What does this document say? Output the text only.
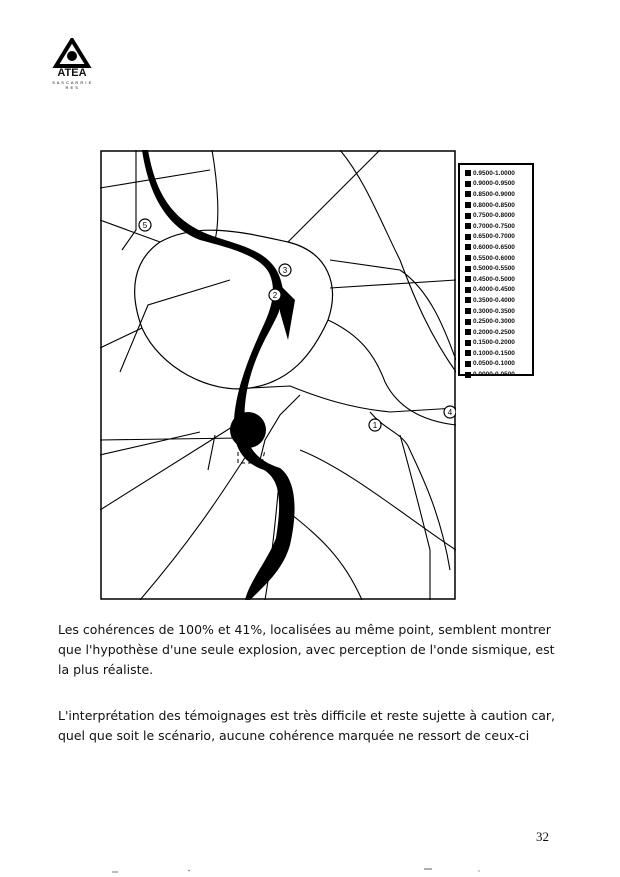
ATEA
S A S C A R R I E R E S
5
3
2
1
4
0.9500-1.0000
0.9000-0.9500
0.8500-0.9000
0.8000-0.8500
0.7500-0.8000
0.7000-0.7500
0.6500-0.7000
0.6000-0.6500
0.5500-0.6000
0.5000-0.5500
0.4500-0.5000
0.4000-0.4500
0.3500-0.4000
0.3000-0.3500
0.2500-0.3000
0.2000-0.2500
0.1500-0.2000
0.1000-0.1500
0.0500-0.1000
0.0000-0.0500
Les cohérences de 100% et 41%, localisées au même point, semblent montrer que l'hypothèse d'une seule explosion, avec perception de l'onde sismique, est la plus réaliste.
L'interprétation des témoignages est très difficile et reste sujette à caution car, quel que soit le scénario, aucune cohérence marquée ne ressort de ceux-ci
32
